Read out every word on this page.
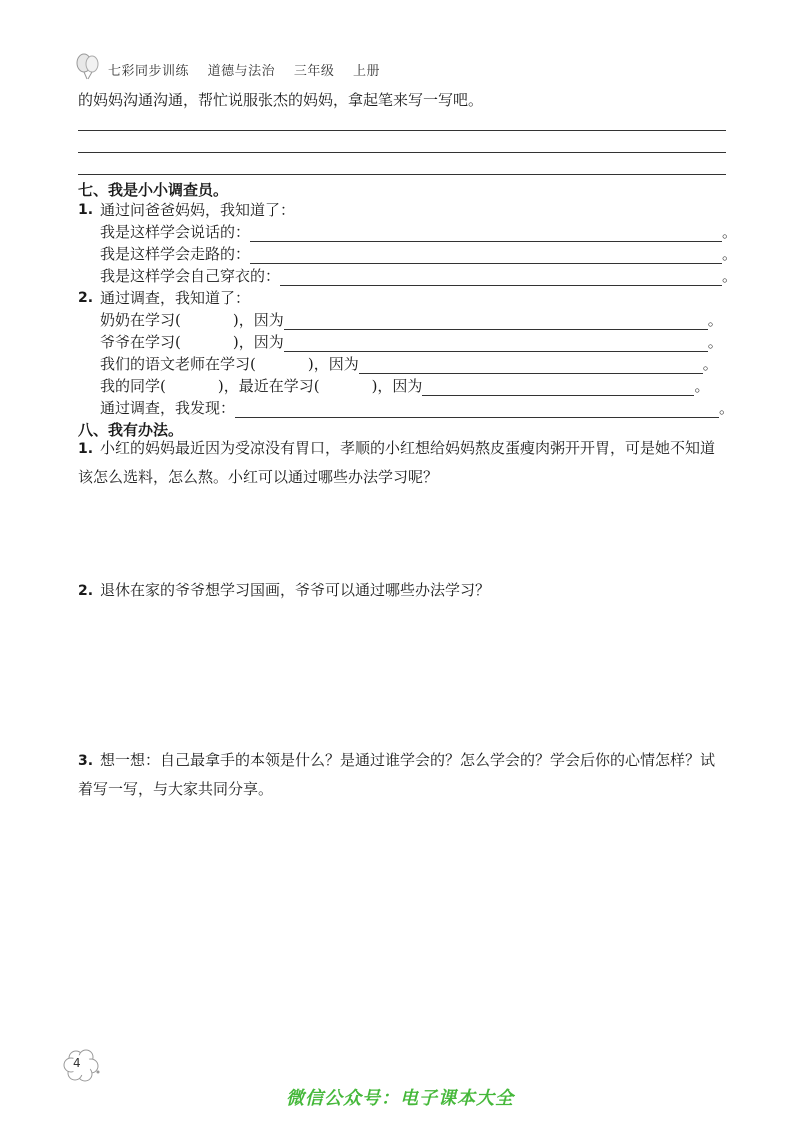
七彩同步训练 道德与法治 三年级 上册
的妈妈沟通沟通，帮忙说服张杰的妈妈，拿起笔来写一写吧。
七、我是小小调查员。
1. 通过问爸爸妈妈，我知道了：
我是这样学会说话的：	。
我是这样学会走路的：	。
我是这样学会自己穿衣的：	。
2. 通过调查，我知道了：
奶奶在学习(	)，因为	。
爷爷在学习(	)，因为	。
我们的语文老师在学习(	)，因为	。
我的同学(	)，最近在学习(	)，因为	。
通过调查，我发现：	。
八、我有办法。
1. 小红的妈妈最近因为受凉没有胃口，孝顺的小红想给妈妈熬皮蛋瘦肉粥开开胃，可是她不知道该怎么选料，怎么熬。小红可以通过哪些办法学习呢？
2. 退休在家的爷爷想学习国画，爷爷可以通过哪些办法学习？
3. 想一想：自己最拿手的本领是什么？是通过谁学会的？怎么学会的？学会后你的心情怎样？试着写一写，与大家共同分享。
4
微信公众号：电子课本大全
